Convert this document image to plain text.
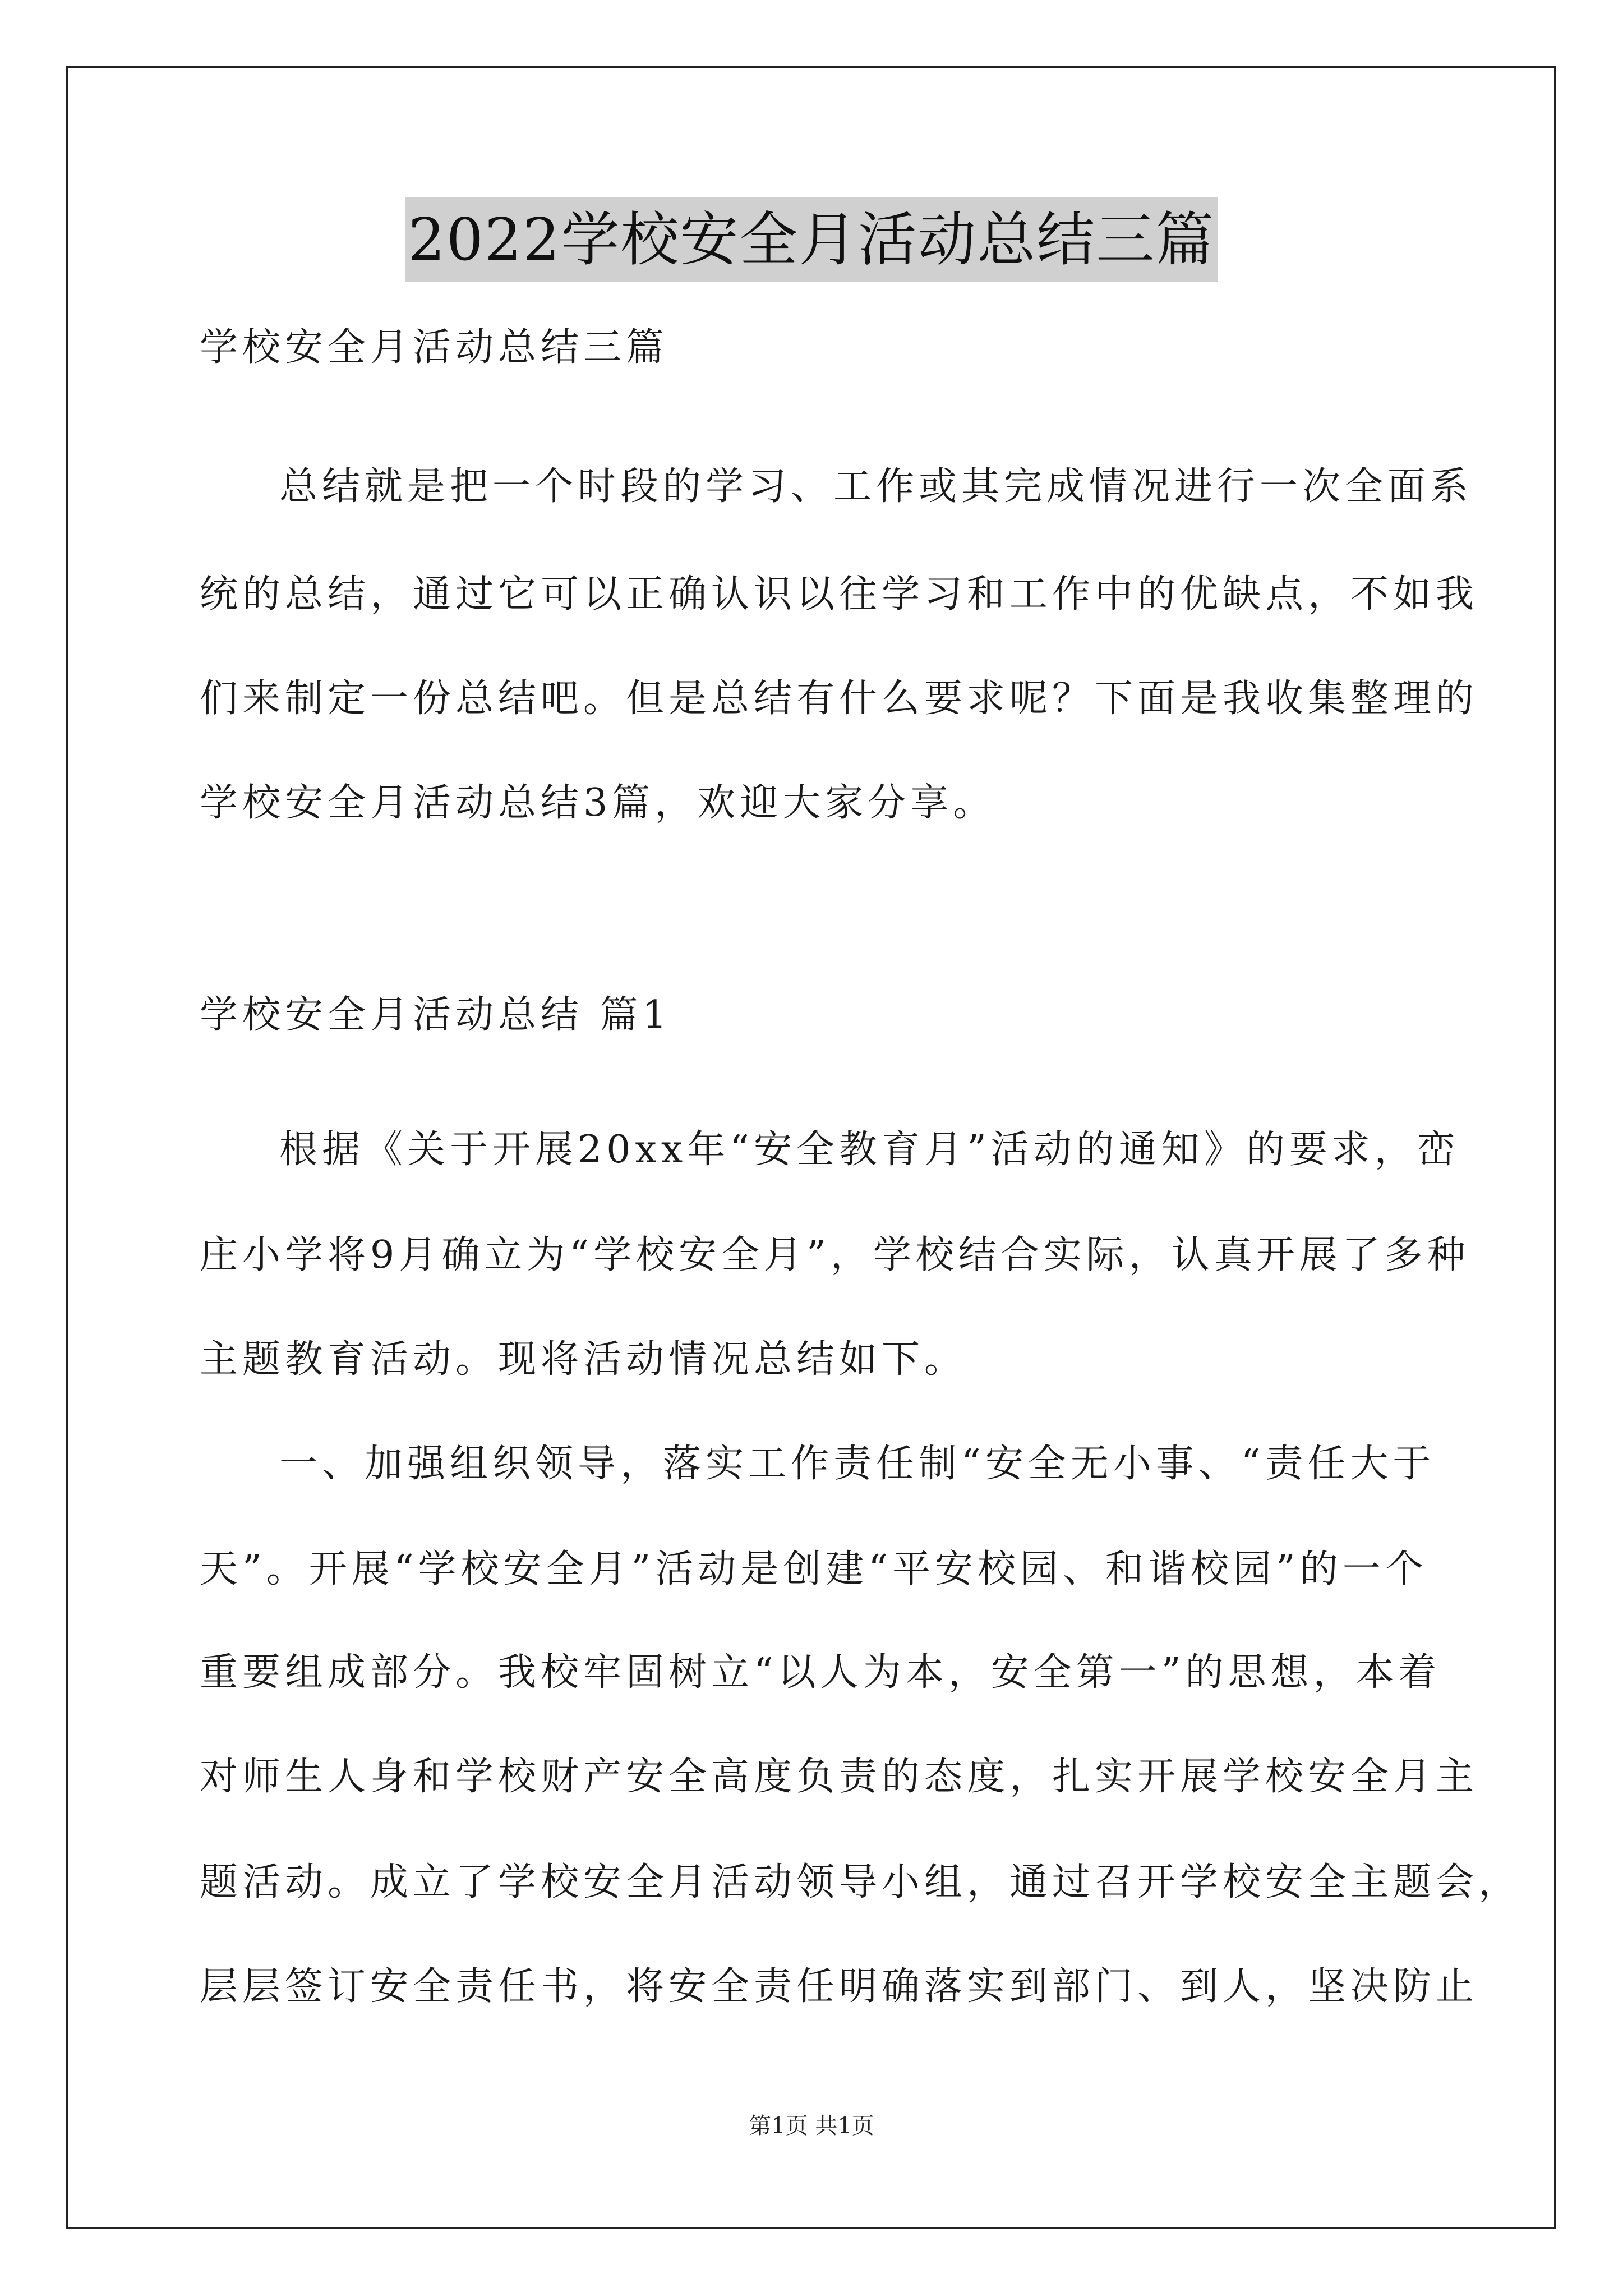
2022学校安全月活动总结三篇
学校安全月活动总结三篇
总结就是把一个时段的学习、工作或其完成情况进行一次全面系
统的总结，通过它可以正确认识以往学习和工作中的优缺点，不如我
们来制定一份总结吧。但是总结有什么要求呢？下面是我收集整理的
学校安全月活动总结3篇，欢迎大家分享。
学校安全月活动总结 篇1
根据《关于开展20xx年“安全教育月”活动的通知》的要求，峦
庄小学将9月确立为“学校安全月”，学校结合实际，认真开展了多种
主题教育活动。现将活动情况总结如下。
一、加强组织领导，落实工作责任制“安全无小事、“责任大于
天”。开展“学校安全月”活动是创建“平安校园、和谐校园”的一个
重要组成部分。我校牢固树立“以人为本，安全第一”的思想，本着
对师生人身和学校财产安全高度负责的态度，扎实开展学校安全月主
题活动。成立了学校安全月活动领导小组，通过召开学校安全主题会，
层层签订安全责任书，将安全责任明确落实到部门、到人，坚决防止
第1页 共1页
